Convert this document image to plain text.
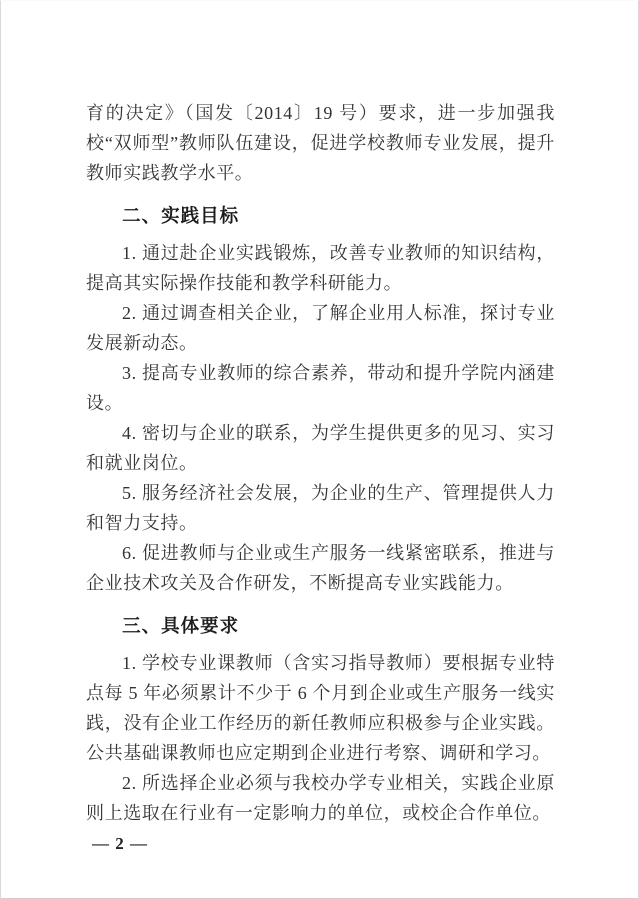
育的决定》（国发〔2014〕19 号）要求，进一步加强我校“双师型”教师队伍建设，促进学校教师专业发展，提升教师实践教学水平。

二、实践目标

1. 通过赴企业实践锻炼，改善专业教师的知识结构，提高其实际操作技能和教学科研能力。

2. 通过调查相关企业，了解企业用人标准，探讨专业发展新动态。

3. 提高专业教师的综合素养，带动和提升学院内涵建设。

4. 密切与企业的联系，为学生提供更多的见习、实习和就业岗位。

5. 服务经济社会发展，为企业的生产、管理提供人力和智力支持。

6. 促进教师与企业或生产服务一线紧密联系，推进与企业技术攻关及合作研发，不断提高专业实践能力。

三、具体要求

1. 学校专业课教师（含实习指导教师）要根据专业特点每 5 年必须累计不少于 6 个月到企业或生产服务一线实践，没有企业工作经历的新任教师应积极参与企业实践。公共基础课教师也应定期到企业进行考察、调研和学习。

2. 所选择企业必须与我校办学专业相关，实践企业原则上选取在行业有一定影响力的单位，或校企合作单位。

— 2 —
